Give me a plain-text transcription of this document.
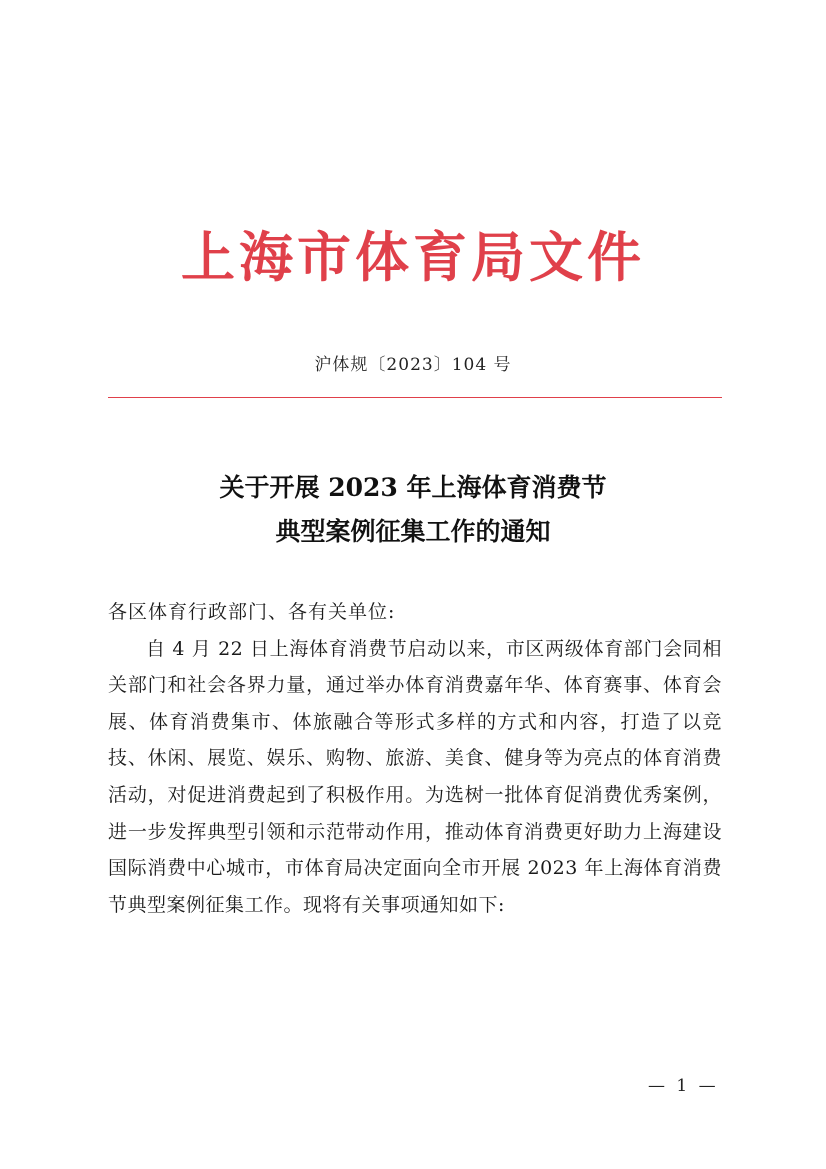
上海市体育局文件
沪体规〔2023〕104 号
关于开展 2023 年上海体育消费节
典型案例征集工作的通知
各区体育行政部门、各有关单位:
自 4 月 22 日上海体育消费节启动以来，市区两级体育部门会同相关部门和社会各界力量，通过举办体育消费嘉年华、体育赛事、体育会展、体育消费集市、体旅融合等形式多样的方式和内容，打造了以竞技、休闲、展览、娱乐、购物、旅游、美食、健身等为亮点的体育消费活动，对促进消费起到了积极作用。为选树一批体育促消费优秀案例，进一步发挥典型引领和示范带动作用，推动体育消费更好助力上海建设国际消费中心城市，市体育局决定面向全市开展 2023 年上海体育消费节典型案例征集工作。现将有关事项通知如下:
— 1 —
